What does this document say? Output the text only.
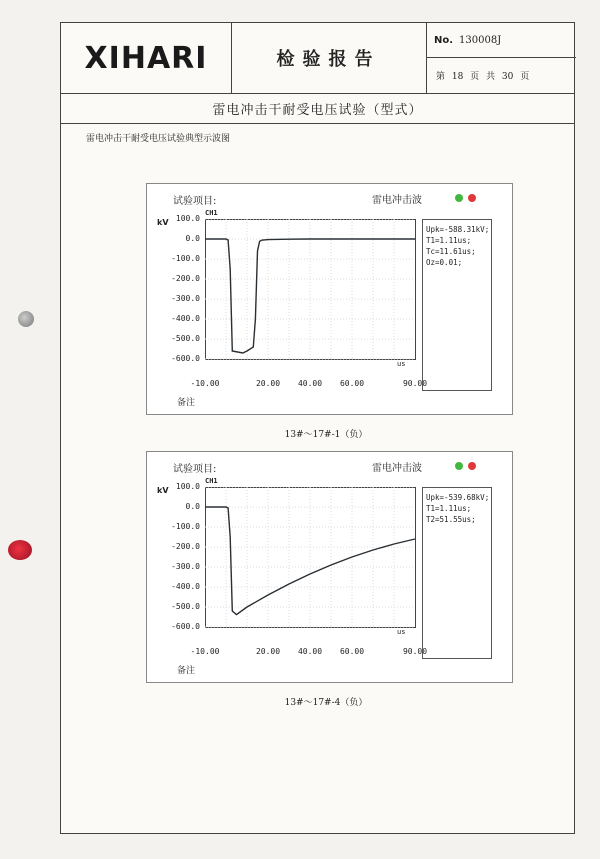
XIHARI	检验报告
No. 130008J
第 18 页 共 30 页
雷电冲击干耐受电压试验（型式）
雷电冲击干耐受电压试验典型示波图
试验项目:	雷电冲击波
kV
CH1
100.0
0.0
-100.0
-200.0
-300.0
-400.0
-500.0
-600.0
-10.00	20.00	40.00	60.00	90.00
us
备注
Upk=-588.31kV;
T1=1.11us;
Tc=11.61us;
Oz=0.01;
13#～17#-1（负）
试验项目:	雷电冲击波
kV
CH1
100.0
0.0
-100.0
-200.0
-300.0
-400.0
-500.0
-600.0
-10.00	20.00	40.00	60.00	90.00
us
备注
Upk=-539.68kV;
T1=1.11us;
T2=51.55us;
13#～17#-4（负）
